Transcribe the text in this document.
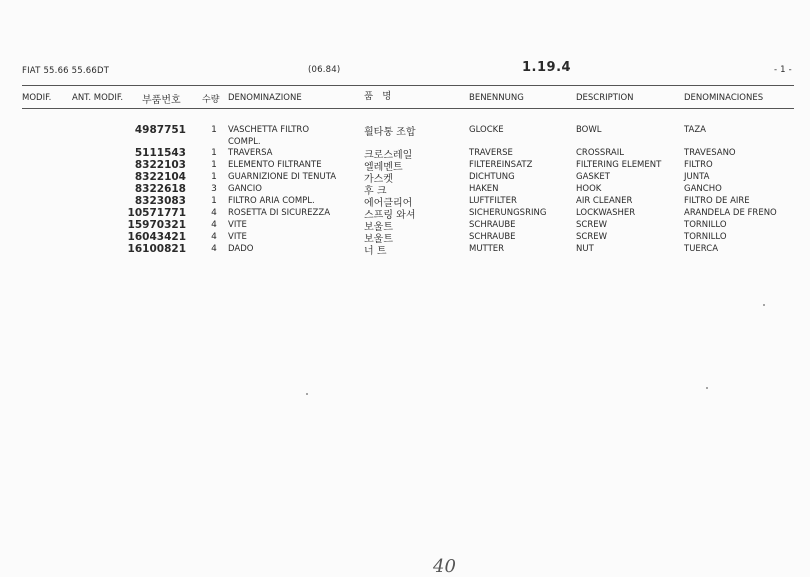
FIAT 55.66 55.66DT	(06.84)	1.19.4	- 1 -
MODIF. ANT. MODIF. 부품번호 수량 DENOMINAZIONE	품 명	BENENNUNG	DESCRIPTION	DENOMINACIONES
4987751	1	VASCHETTA FILTRO	휠타통 조합	GLOCKE	BOWL	TAZA
COMPL.
5111543	1	TRAVERSA	크로스레일	TRAVERSE	CROSSRAIL	TRAVESANO
8322103	1	ELEMENTO FILTRANTE	엘레멘트	FILTEREINSATZ	FILTERING ELEMENT	FILTRO
8322104	1	GUARNIZIONE DI TENUTA	가스켓	DICHTUNG	GASKET	JUNTA
8322618	3	GANCIO	후 크	HAKEN	HOOK	GANCHO
8323083	1	FILTRO ARIA COMPL.	에어클리어	LUFTFILTER	AIR CLEANER	FILTRO DE AIRE
10571771	4	ROSETTA DI SICUREZZA	스프링 와셔	SICHERUNGSRING	LOCKWASHER	ARANDELA DE FRENO
15970321	4	VITE	보울트	SCHRAUBE	SCREW	TORNILLO
16043421	4	VITE	보울트	SCHRAUBE	SCREW	TORNILLO
16100821	4	DADO	너 트	MUTTER	NUT	TUERCA
40
